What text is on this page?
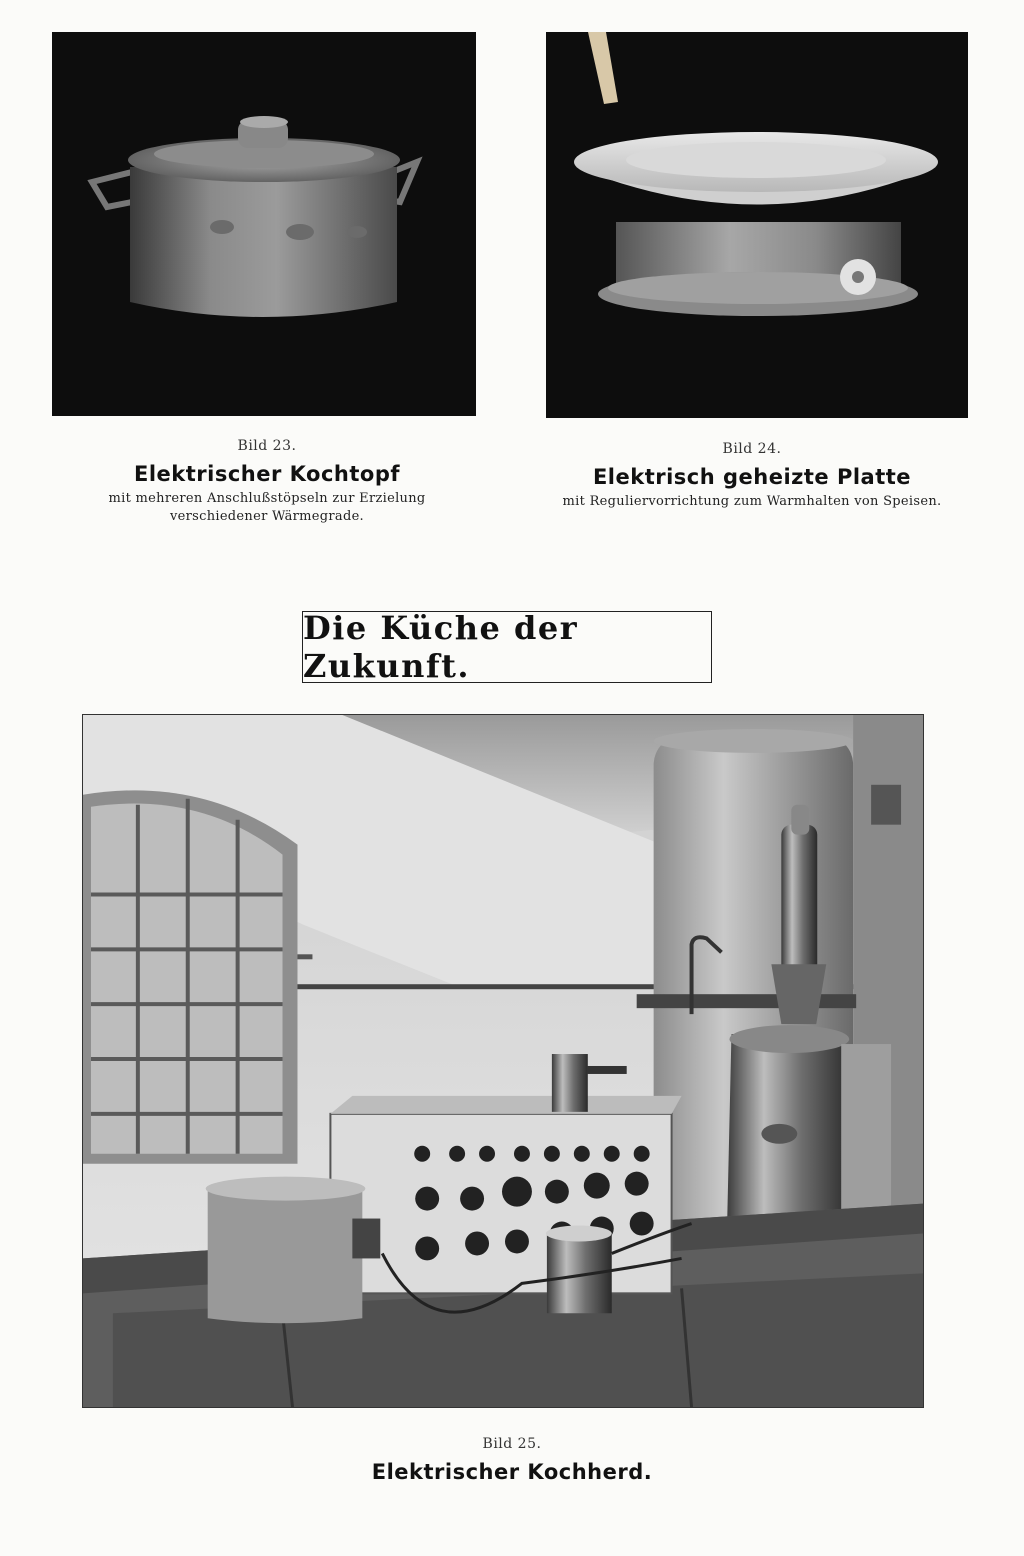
Bild 23.
Elektrischer Kochtopf
mit mehreren Anschlußstöpseln zur Erzielung verschiedener Wärmegrade.
Bild 24.
Elektrisch geheizte Platte
mit Reguliervorrichtung zum Warmhalten von Speisen.
Die Küche der Zukunft.
Bild 25.
Elektrischer Kochherd.
